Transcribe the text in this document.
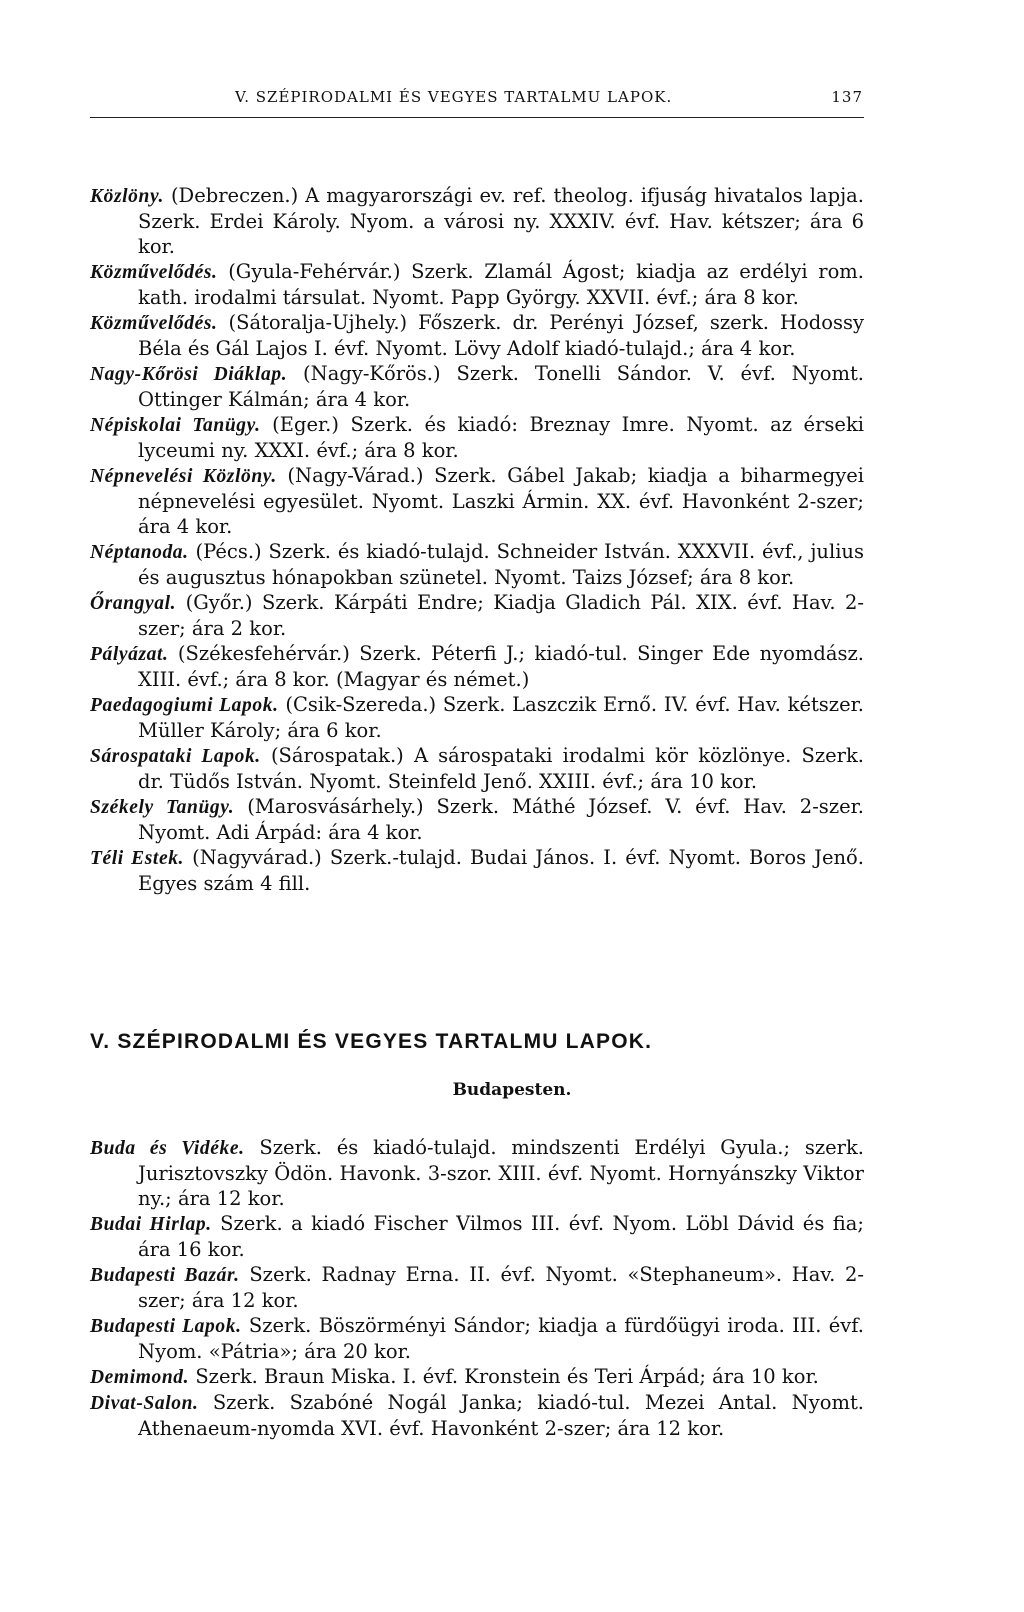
V. SZÉPIRODALMI ÉS VEGYES TARTALMU LAPOK.	137
Közlöny. (Debreczen.) A magyarországi ev. ref. theolog. ifjuság hivatalos lapja. Szerk. Erdei Károly. Nyom. a városi ny. XXXIV. évf. Hav. kétszer; ára 6 kor.
Közművelődés. (Gyula-Fehérvár.) Szerk. Zlamál Ágost; kiadja az erdélyi rom. kath. irodalmi társulat. Nyomt. Papp György. XXVII. évf.; ára 8 kor.
Közművelődés. (Sátoralja-Ujhely.) Főszerk. dr. Perényi József, szerk. Hodossy Béla és Gál Lajos I. évf. Nyomt. Lövy Adolf kiadó-tulajd.; ára 4 kor.
Nagy-Kőrösi Diáklap. (Nagy-Kőrös.) Szerk. Tonelli Sándor. V. évf. Nyomt. Ottinger Kálmán; ára 4 kor.
Népiskolai Tanügy. (Eger.) Szerk. és kiadó: Breznay Imre. Nyomt. az érseki lyceumi ny. XXXI. évf.; ára 8 kor.
Népnevelési Közlöny. (Nagy-Várad.) Szerk. Gábel Jakab; kiadja a biharmegyei népnevelési egyesület. Nyomt. Laszki Ármin. XX. évf. Havonként 2-szer; ára 4 kor.
Néptanoda. (Pécs.) Szerk. és kiadó-tulajd. Schneider István. XXXVII. évf., julius és augusztus hónapokban szünetel. Nyomt. Taizs József; ára 8 kor.
Őrangyal. (Győr.) Szerk. Kárpáti Endre; Kiadja Gladich Pál. XIX. évf. Hav. 2-szer; ára 2 kor.
Pályázat. (Székesfehérvár.) Szerk. Péterfi J.; kiadó-tul. Singer Ede nyomdász. XIII. évf.; ára 8 kor. (Magyar és német.)
Paedagogiumi Lapok. (Csik-Szereda.) Szerk. Laszczik Ernő. IV. évf. Hav. kétszer. Müller Károly; ára 6 kor.
Sárospataki Lapok. (Sárospatak.) A sárospataki irodalmi kör közlönye. Szerk. dr. Tüdős István. Nyomt. Steinfeld Jenő. XXIII. évf.; ára 10 kor.
Székely Tanügy. (Marosvásárhely.) Szerk. Máthé József. V. évf. Hav. 2-szer. Nyomt. Adi Árpád: ára 4 kor.
Téli Estek. (Nagyvárad.) Szerk.-tulajd. Budai János. I. évf. Nyomt. Boros Jenő. Egyes szám 4 fill.
V. SZÉPIRODALMI ÉS VEGYES TARTALMU LAPOK.
Budapesten.
Buda és Vidéke. Szerk. és kiadó-tulajd. mindszenti Erdélyi Gyula.; szerk. Jurisztovszky Ödön. Havonk. 3-szor. XIII. évf. Nyomt. Hornyánszky Viktor ny.; ára 12 kor.
Budai Hirlap. Szerk. a kiadó Fischer Vilmos III. évf. Nyom. Löbl Dávid és fia; ára 16 kor.
Budapesti Bazár. Szerk. Radnay Erna. II. évf. Nyomt. «Stephaneum». Hav. 2-szer; ára 12 kor.
Budapesti Lapok. Szerk. Böszörményi Sándor; kiadja a fürdőügyi iroda. III. évf. Nyom. «Pátria»; ára 20 kor.
Demimond. Szerk. Braun Miska. I. évf. Kronstein és Teri Árpád; ára 10 kor.
Divat-Salon. Szerk. Szabóné Nogál Janka; kiadó-tul. Mezei Antal. Nyomt. Athenaeum-nyomda XVI. évf. Havonként 2-szer; ára 12 kor.
